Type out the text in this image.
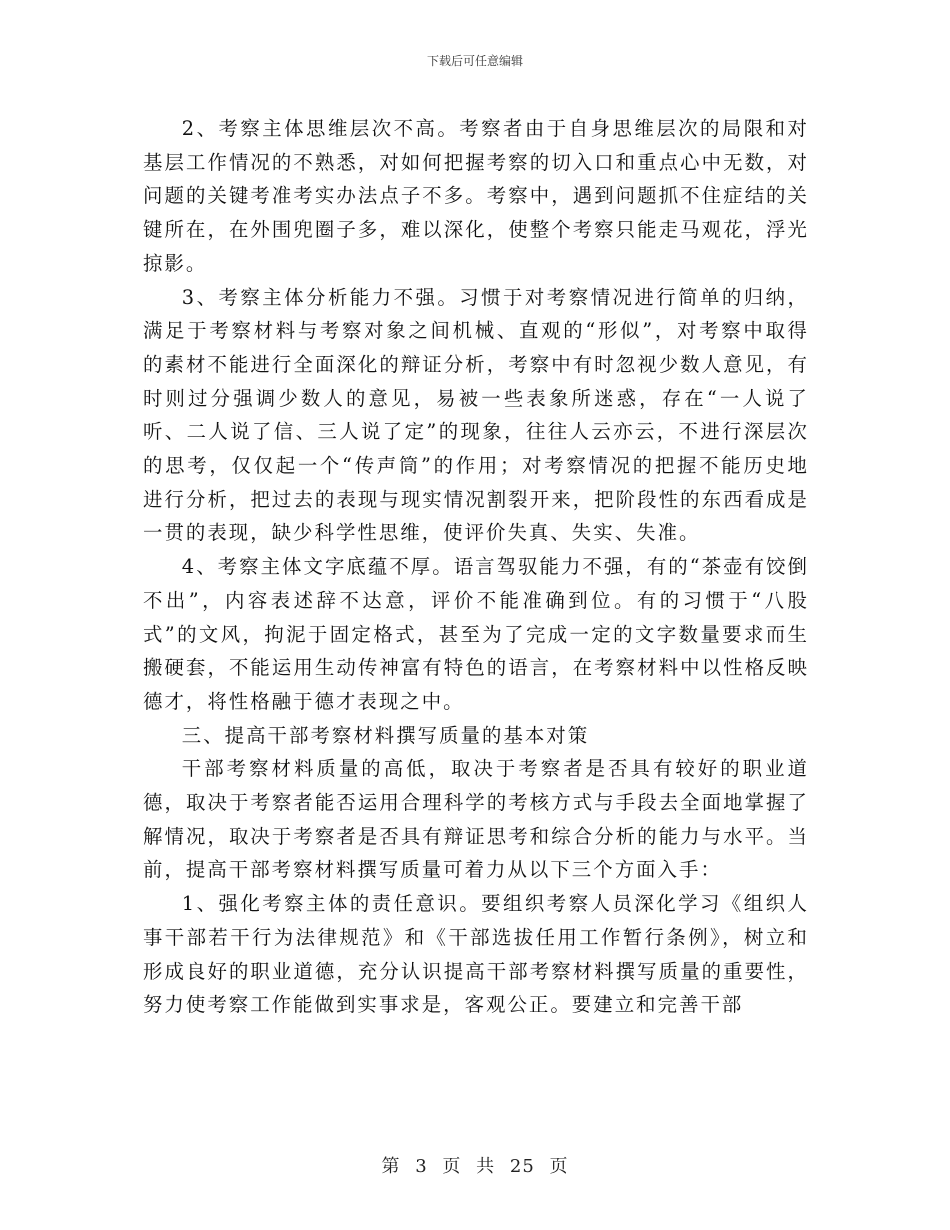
下载后可任意编辑

2、考察主体思维层次不高。考察者由于自身思维层次的局限和对基层工作情况的不熟悉，对如何把握考察的切入口和重点心中无数，对问题的关键考准考实办法点子不多。考察中，遇到问题抓不住症结的关键所在，在外围兜圈子多，难以深化，使整个考察只能走马观花，浮光掠影。

3、考察主体分析能力不强。习惯于对考察情况进行简单的归纳，满足于考察材料与考察对象之间机械、直观的“形似”，对考察中取得的素材不能进行全面深化的辩证分析，考察中有时忽视少数人意见，有时则过分强调少数人的意见，易被一些表象所迷惑，存在“一人说了听、二人说了信、三人说了定”的现象，往往人云亦云，不进行深层次的思考，仅仅起一个“传声筒”的作用；对考察情况的把握不能历史地进行分析，把过去的表现与现实情况割裂开来，把阶段性的东西看成是一贯的表现，缺少科学性思维，使评价失真、失实、失准。

4、考察主体文字底蕴不厚。语言驾驭能力不强，有的“茶壶有饺倒不出”，内容表述辞不达意，评价不能准确到位。有的习惯于“八股式”的文风，拘泥于固定格式，甚至为了完成一定的文字数量要求而生搬硬套，不能运用生动传神富有特色的语言，在考察材料中以性格反映德才，将性格融于德才表现之中。

三、提高干部考察材料撰写质量的基本对策

干部考察材料质量的高低，取决于考察者是否具有较好的职业道德，取决于考察者能否运用合理科学的考核方式与手段去全面地掌握了解情况，取决于考察者是否具有辩证思考和综合分析的能力与水平。当前，提高干部考察材料撰写质量可着力从以下三个方面入手：

1、强化考察主体的责任意识。要组织考察人员深化学习《组织人事干部若干行为法律规范》和《干部选拔任用工作暂行条例》，树立和形成良好的职业道德，充分认识提高干部考察材料撰写质量的重要性，努力使考察工作能做到实事求是，客观公正。要建立和完善干部

第 3 页 共 25 页
